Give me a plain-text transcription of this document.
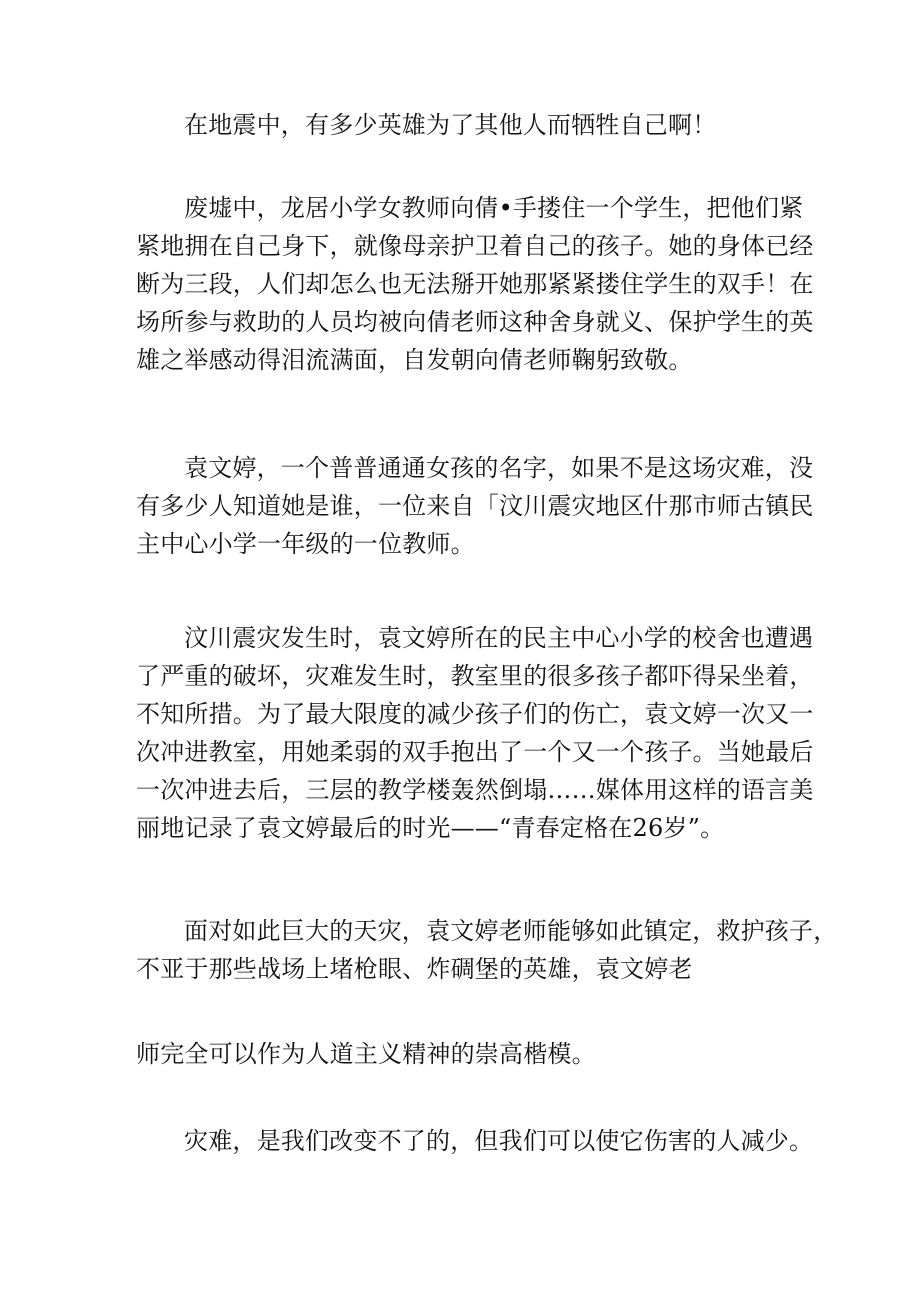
在地震中，有多少英雄为了其他人而牺牲自己啊！
废墟中，龙居小学女教师向倩•手搂住一个学生，把他们紧
紧地拥在自己身下，就像母亲护卫着自己的孩子。她的身体已经
断为三段，人们却怎么也无法掰开她那紧紧搂住学生的双手！在
场所参与救助的人员均被向倩老师这种舍身就义、保护学生的英
雄之举感动得泪流满面，自发朝向倩老师鞠躬致敬。
袁文婷，一个普普通通女孩的名字，如果不是这场灾难，没
有多少人知道她是谁，一位来自「汶川震灾地区什那市师古镇民
主中心小学一年级的一位教师。
汶川震灾发生时，袁文婷所在的民主中心小学的校舍也遭遇
了严重的破坏，灾难发生时，教室里的很多孩子都吓得呆坐着，
不知所措。为了最大限度的减少孩子们的伤亡，袁文婷一次又一
次冲进教室，用她柔弱的双手抱出了一个又一个孩子。当她最后
一次冲进去后，三层的教学楼轰然倒塌……媒体用这样的语言美
丽地记录了袁文婷最后的时光——“青春定格在26岁”。
面对如此巨大的天灾，袁文婷老师能够如此镇定，救护孩子，
不亚于那些战场上堵枪眼、炸碉堡的英雄，袁文婷老
师完全可以作为人道主义精神的崇高楷模。
灾难，是我们改变不了的，但我们可以使它伤害的人减少。
